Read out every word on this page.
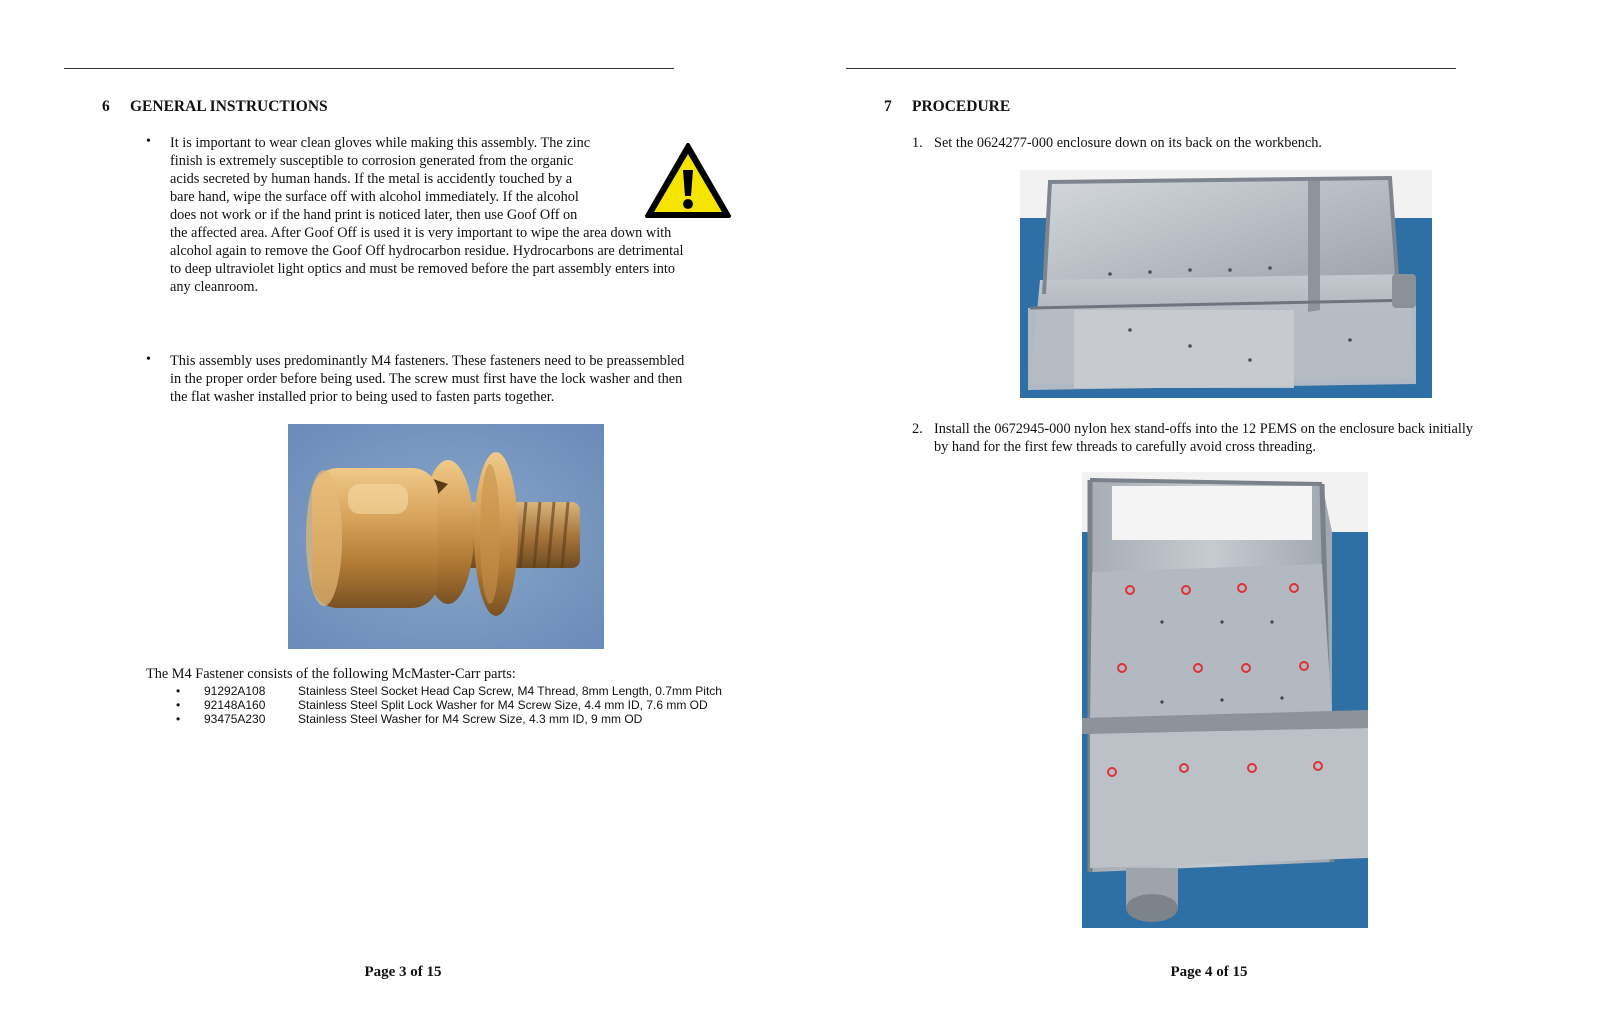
6 GENERAL INSTRUCTIONS
• It is important to wear clean gloves while making this assembly. The zinc
finish is extremely susceptible to corrosion generated from the organic
acids secreted by human hands. If the metal is accidently touched by a
bare hand, wipe the surface off with alcohol immediately. If the alcohol
does not work or if the hand print is noticed later, then use Goof Off on
the affected area. After Goof Off is used it is very important to wipe the area down with
alcohol again to remove the Goof Off hydrocarbon residue. Hydrocarbons are detrimental
to deep ultraviolet light optics and must be removed before the part assembly enters into
any cleanroom.
• This assembly uses predominantly M4 fasteners. These fasteners need to be preassembled
in the proper order before being used. The screw must first have the lock washer and then
the flat washer installed prior to being used to fasten parts together.
The M4 Fastener consists of the following McMaster-Carr parts:
• 91292A108	Stainless Steel Socket Head Cap Screw, M4 Thread, 8mm Length, 0.7mm Pitch
• 92148A160	Stainless Steel Split Lock Washer for M4 Screw Size, 4.4 mm ID, 7.6 mm OD
• 93475A230	Stainless Steel Washer for M4 Screw Size, 4.3 mm ID, 9 mm OD
Page 3 of 15
7 PROCEDURE
1. Set the 0624277-000 enclosure down on its back on the workbench.
2. Install the 0672945-000 nylon hex stand-offs into the 12 PEMS on the enclosure back initially
by hand for the first few threads to carefully avoid cross threading.
Page 4 of 15
